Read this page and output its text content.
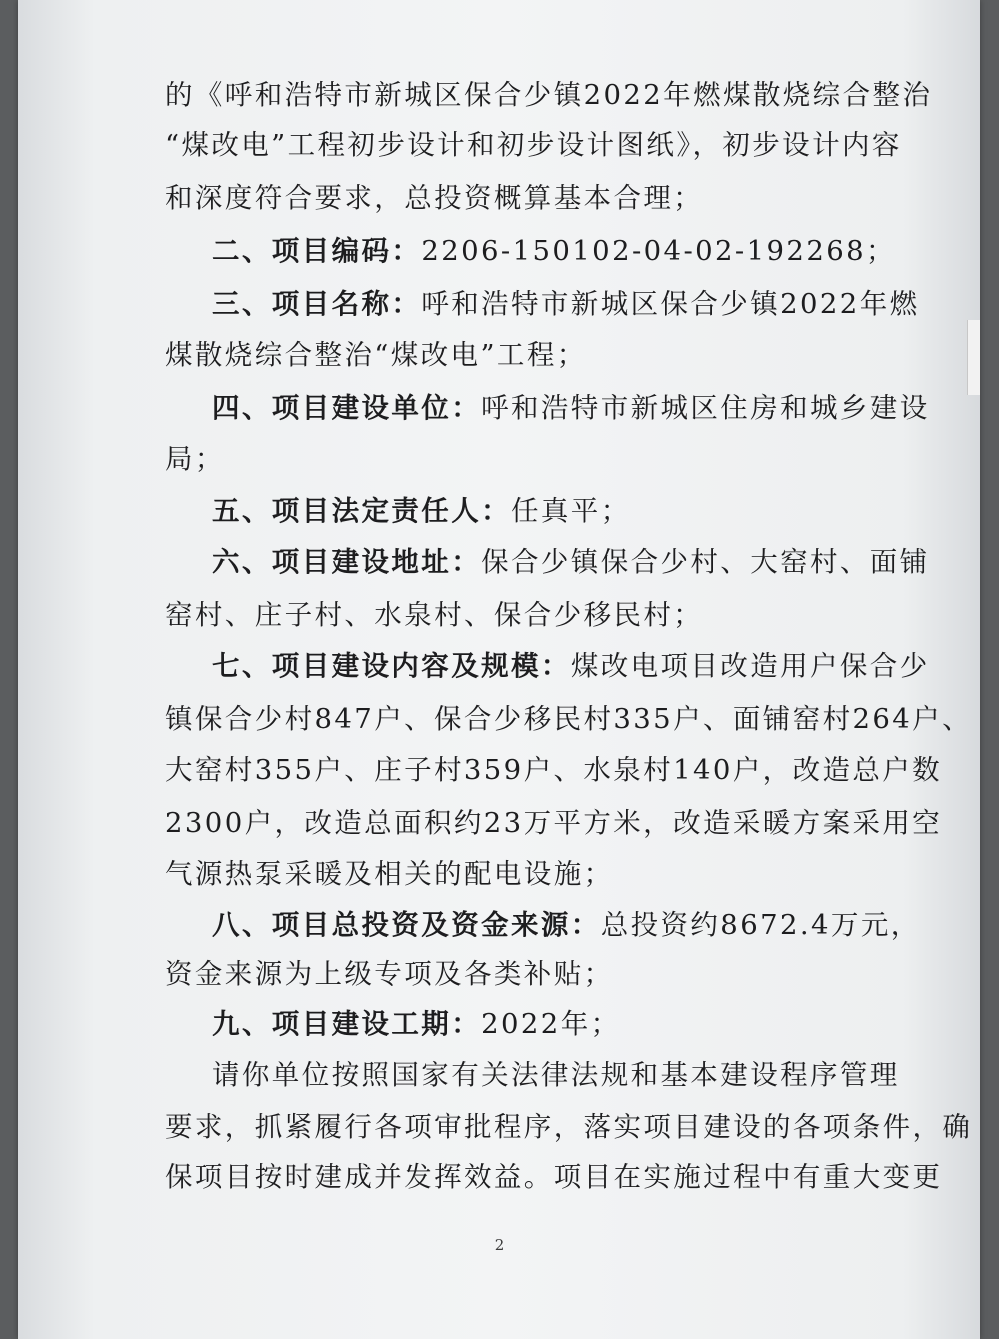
的《呼和浩特市新城区保合少镇2022年燃煤散烧综合整治
“煤改电”工程初步设计和初步设计图纸》，初步设计内容
和深度符合要求，总投资概算基本合理；
二、项目编码：2206-150102-04-02-192268；
三、项目名称：呼和浩特市新城区保合少镇2022年燃
煤散烧综合整治“煤改电”工程；
四、项目建设单位：呼和浩特市新城区住房和城乡建设
局；
五、项目法定责任人：任真平；
六、项目建设地址：保合少镇保合少村、大窑村、面铺
窑村、庄子村、水泉村、保合少移民村；
七、项目建设内容及规模：煤改电项目改造用户保合少
镇保合少村847户、保合少移民村335户、面铺窑村264户、
大窑村355户、庄子村359户、水泉村140户，改造总户数
2300户，改造总面积约23万平方米，改造采暖方案采用空
气源热泵采暖及相关的配电设施；
八、项目总投资及资金来源：总投资约8672.4万元，
资金来源为上级专项及各类补贴；
九、项目建设工期：2022年；
请你单位按照国家有关法律法规和基本建设程序管理
要求，抓紧履行各项审批程序，落实项目建设的各项条件，确
保项目按时建成并发挥效益。项目在实施过程中有重大变更
2
